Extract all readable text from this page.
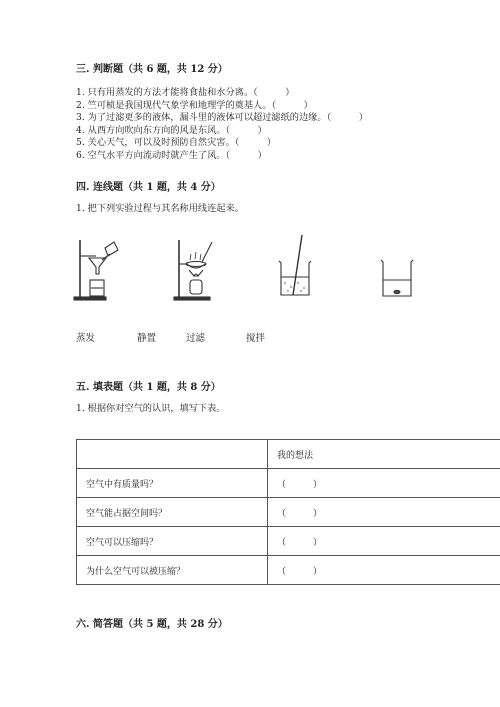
三. 判断题（共 6 题，共 12 分）
1. 只有用蒸发的方法才能将食盐和水分离。（　　　）
2. 竺可桢是我国现代气象学和地理学的奠基人。（　　　）
3. 为了过滤更多的液体，漏斗里的液体可以超过滤纸的边缘。（　　　）
4. 从西方向吹向东方向的风是东风。（　　　）
5. 关心天气，可以及时预防自然灾害。（　　　）
6. 空气水平方向流动时就产生了风。（　　　）
四. 连线题（共 1 题，共 4 分）
1. 把下列实验过程与其名称用线连起来。
蒸发	静置	过滤	搅拌
五. 填表题（共 1 题，共 8 分）
1. 根据你对空气的认识，填写下表。
	我的想法
空气中有质量吗？	（　　　）
空气能占据空间吗？	（　　　）
空气可以压缩吗？	（　　　）
为什么空气可以被压缩？	（　　　）
六. 简答题（共 5 题，共 28 分）
